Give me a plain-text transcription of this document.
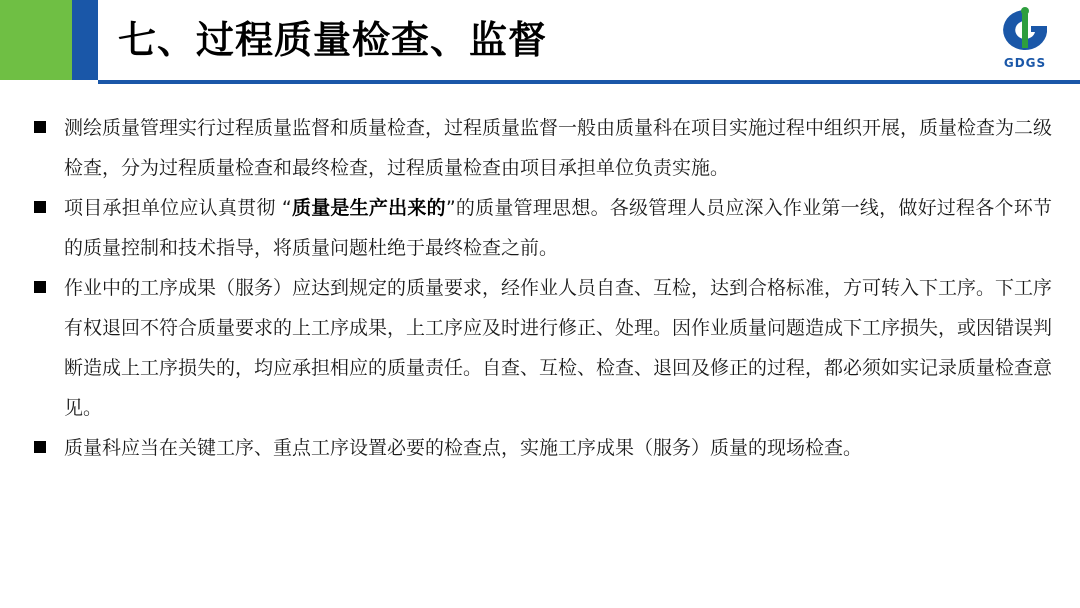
七、过程质量检查、监督
GDGS
测绘质量管理实行过程质量监督和质量检查，过程质量监督一般由质量科在项目实施过程中组织开展，质量检查为二级检查，分为过程质量检查和最终检查，过程质量检查由项目承担单位负责实施。
项目承担单位应认真贯彻 “质量是生产出来的”的质量管理思想。各级管理人员应深入作业第一线，做好过程各个环节的质量控制和技术指导，将质量问题杜绝于最终检查之前。
作业中的工序成果（服务）应达到规定的质量要求，经作业人员自查、互检，达到合格标准，方可转入下工序。下工序有权退回不符合质量要求的上工序成果，上工序应及时进行修正、处理。因作业质量问题造成下工序损失，或因错误判断造成上工序损失的，均应承担相应的质量责任。自查、互检、检查、退回及修正的过程，都必须如实记录质量检查意见。
质量科应当在关键工序、重点工序设置必要的检查点，实施工序成果（服务）质量的现场检查。
